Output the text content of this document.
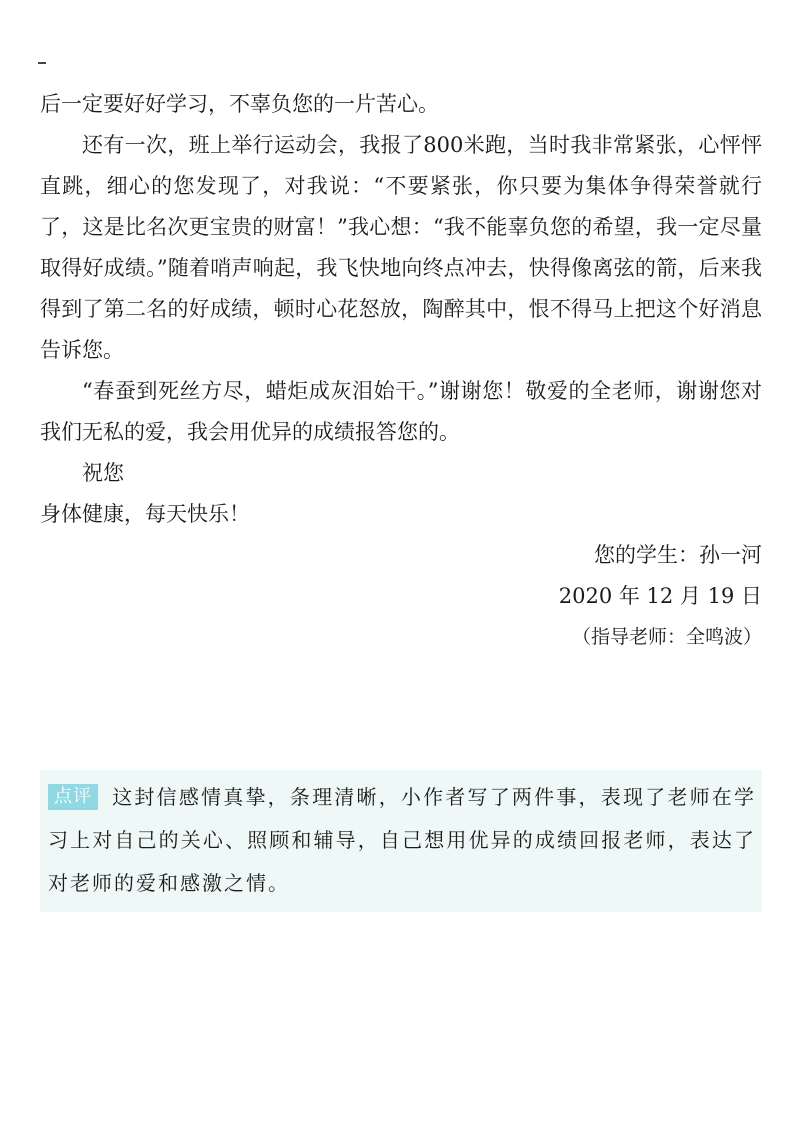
后一定要好好学习，不辜负您的一片苦心。

还有一次，班上举行运动会，我报了800米跑，当时我非常紧张，心怦怦直跳，细心的您发现了，对我说：“不要紧张，你只要为集体争得荣誉就行了，这是比名次更宝贵的财富！”我心想：“我不能辜负您的希望，我一定尽量取得好成绩。”随着哨声响起，我飞快地向终点冲去，快得像离弦的箭，后来我得到了第二名的好成绩，顿时心花怒放，陶醉其中，恨不得马上把这个好消息告诉您。

“春蚕到死丝方尽，蜡炬成灰泪始干。”谢谢您！敬爱的全老师，谢谢您对我们无私的爱，我会用优异的成绩报答您的。

祝您

身体健康，每天快乐！

您的学生：孙一河

2020 年 12 月 19 日

（指导老师：全鸣波）

点评 这封信感情真挚，条理清晰，小作者写了两件事，表现了老师在学习上对自己的关心、照顾和辅导，自己想用优异的成绩回报老师，表达了对老师的爱和感激之情。
